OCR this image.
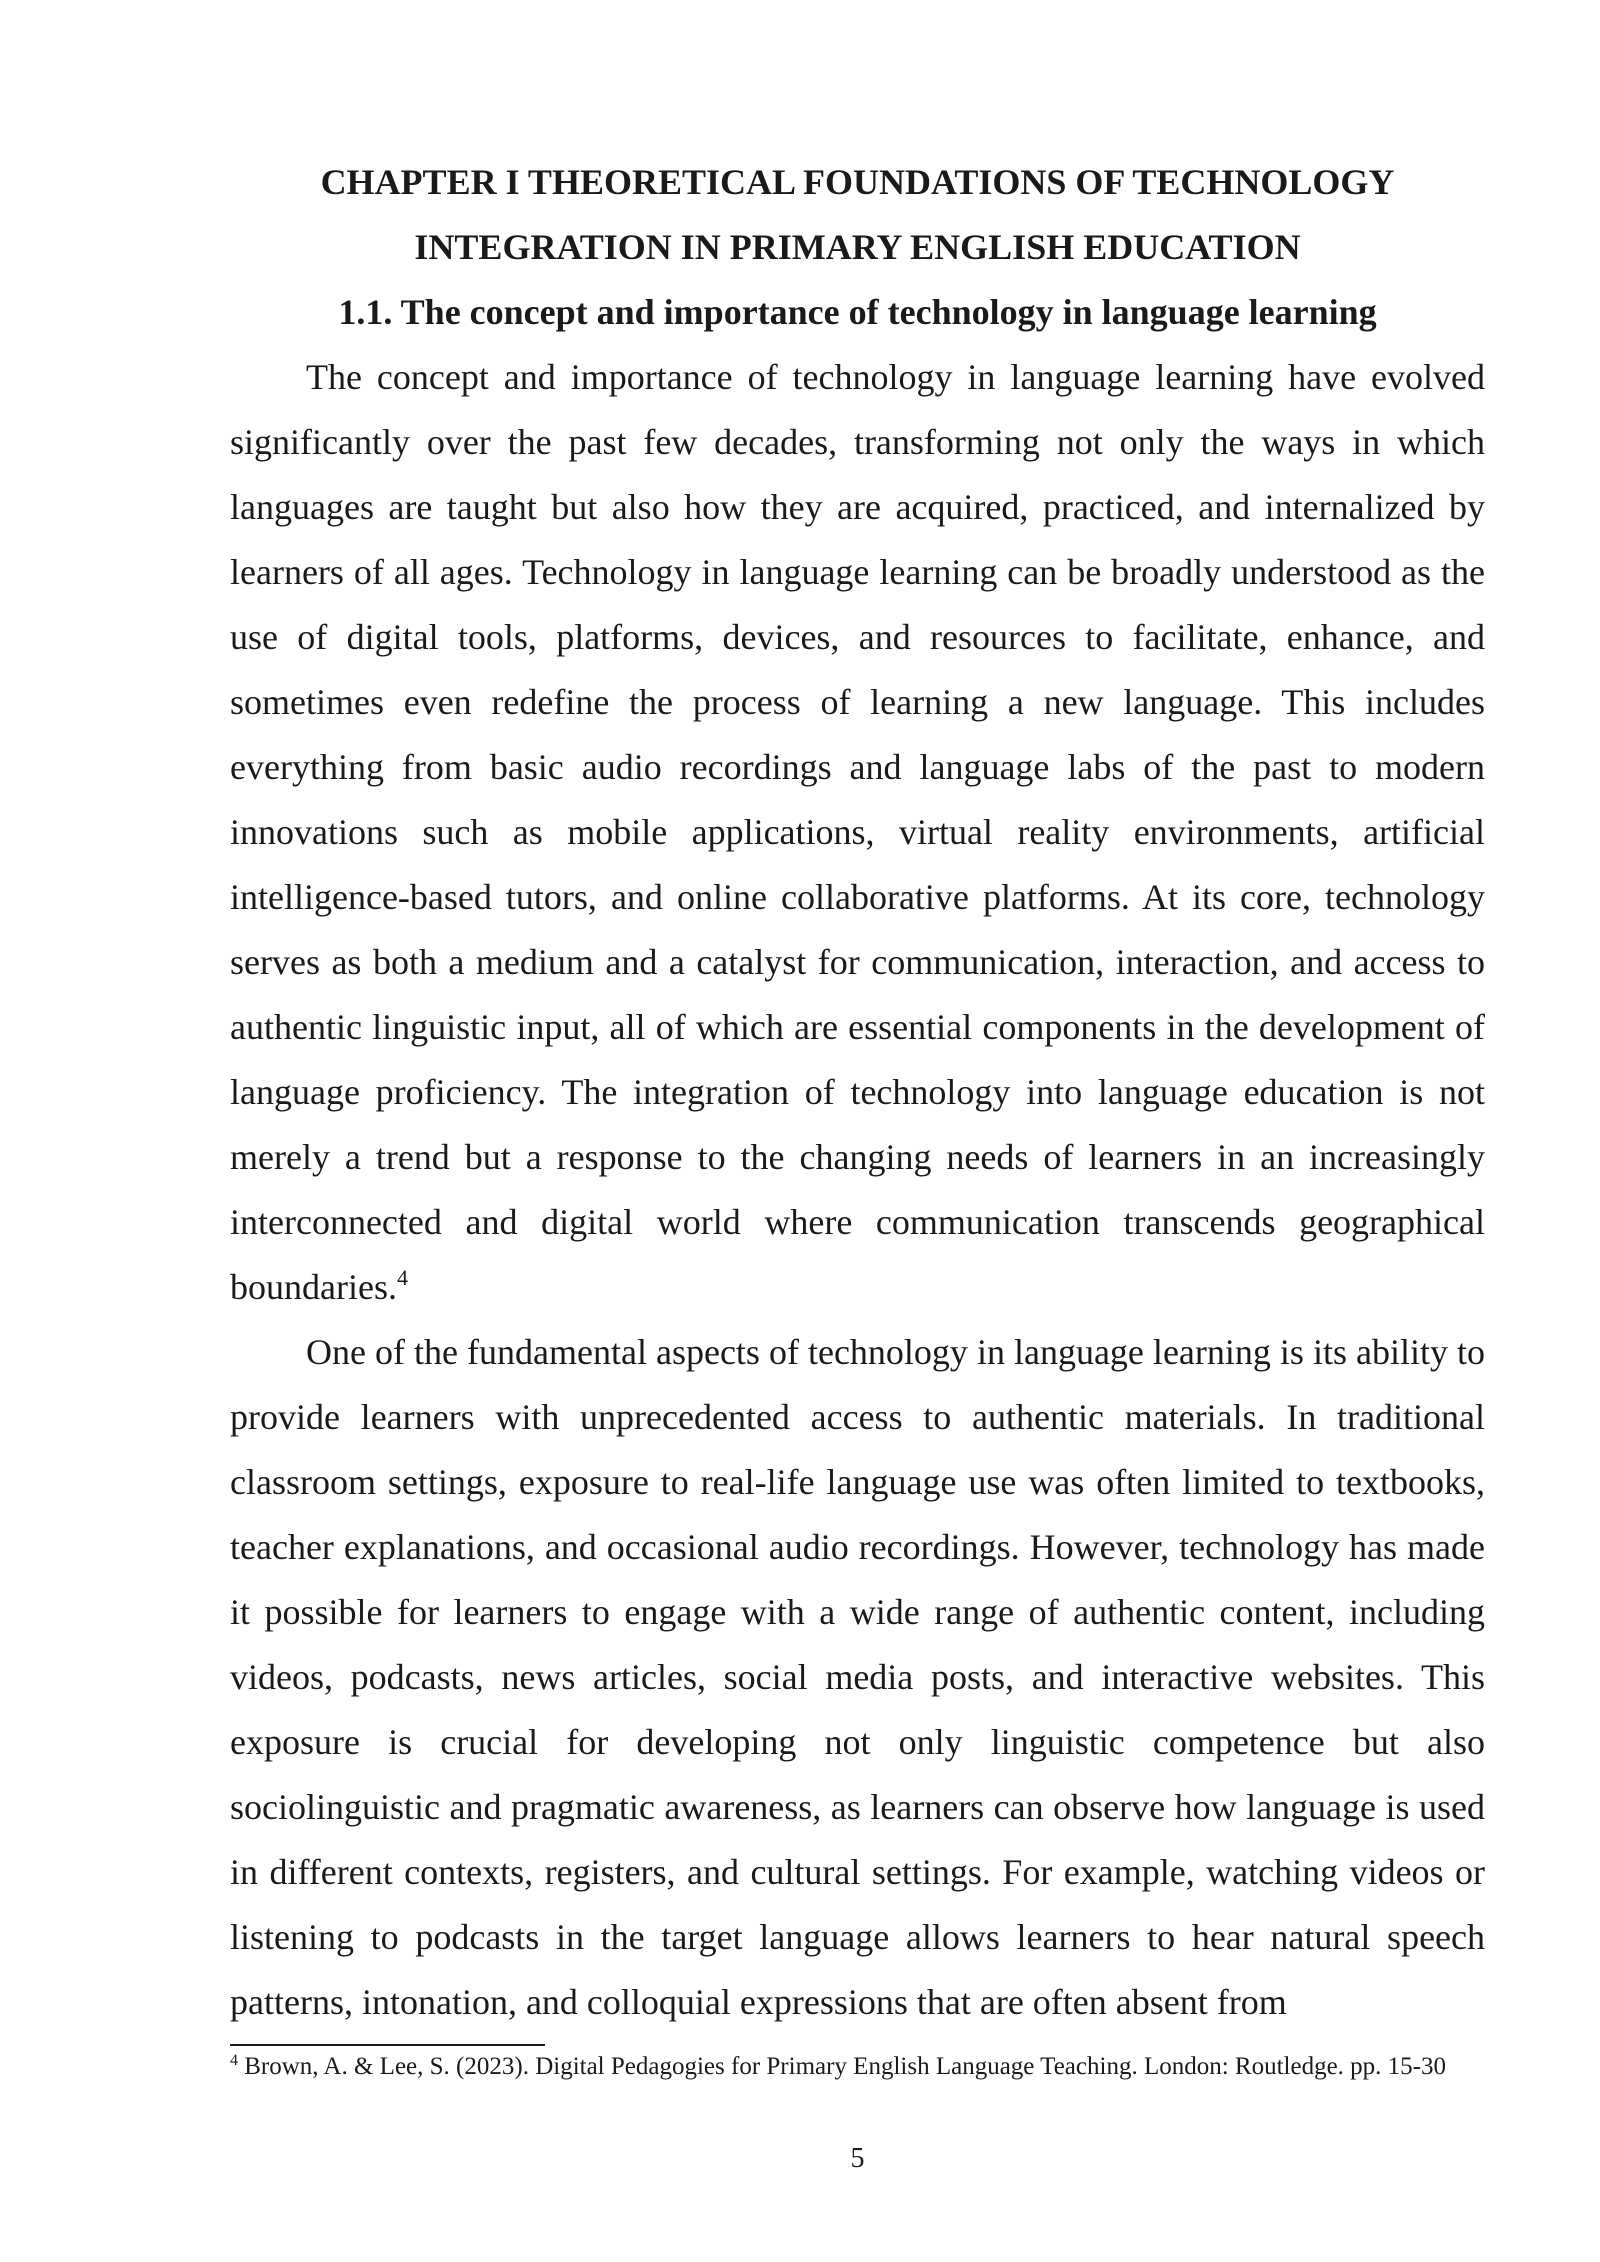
CHAPTER I THEORETICAL FOUNDATIONS OF TECHNOLOGY INTEGRATION IN PRIMARY ENGLISH EDUCATION
1.1. The concept and importance of technology in language learning

The concept and importance of technology in language learning have evolved significantly over the past few decades, transforming not only the ways in which languages are taught but also how they are acquired, practiced, and internalized by learners of all ages. Technology in language learning can be broadly understood as the use of digital tools, platforms, devices, and resources to facilitate, enhance, and sometimes even redefine the process of learning a new language. This includes everything from basic audio recordings and language labs of the past to modern innovations such as mobile applications, virtual reality environments, artificial intelligence-based tutors, and online collaborative platforms. At its core, technology serves as both a medium and a catalyst for communication, interaction, and access to authentic linguistic input, all of which are essential components in the development of language proficiency. The integration of technology into language education is not merely a trend but a response to the changing needs of learners in an increasingly interconnected and digital world where communication transcends geographical boundaries.$^4$

One of the fundamental aspects of technology in language learning is its ability to provide learners with unprecedented access to authentic materials. In traditional classroom settings, exposure to real-life language use was often limited to textbooks, teacher explanations, and occasional audio recordings. However, technology has made it possible for learners to engage with a wide range of authentic content, including videos, podcasts, news articles, social media posts, and interactive websites. This exposure is crucial for developing not only linguistic competence but also sociolinguistic and pragmatic awareness, as learners can observe how language is used in different contexts, registers, and cultural settings. For example, watching videos or listening to podcasts in the target language allows learners to hear natural speech patterns, intonation, and colloquial expressions that are often absent from

$^4$ Brown, A. & Lee, S. (2023). Digital Pedagogies for Primary English Language Teaching. London: Routledge. pp. 15-30

5
